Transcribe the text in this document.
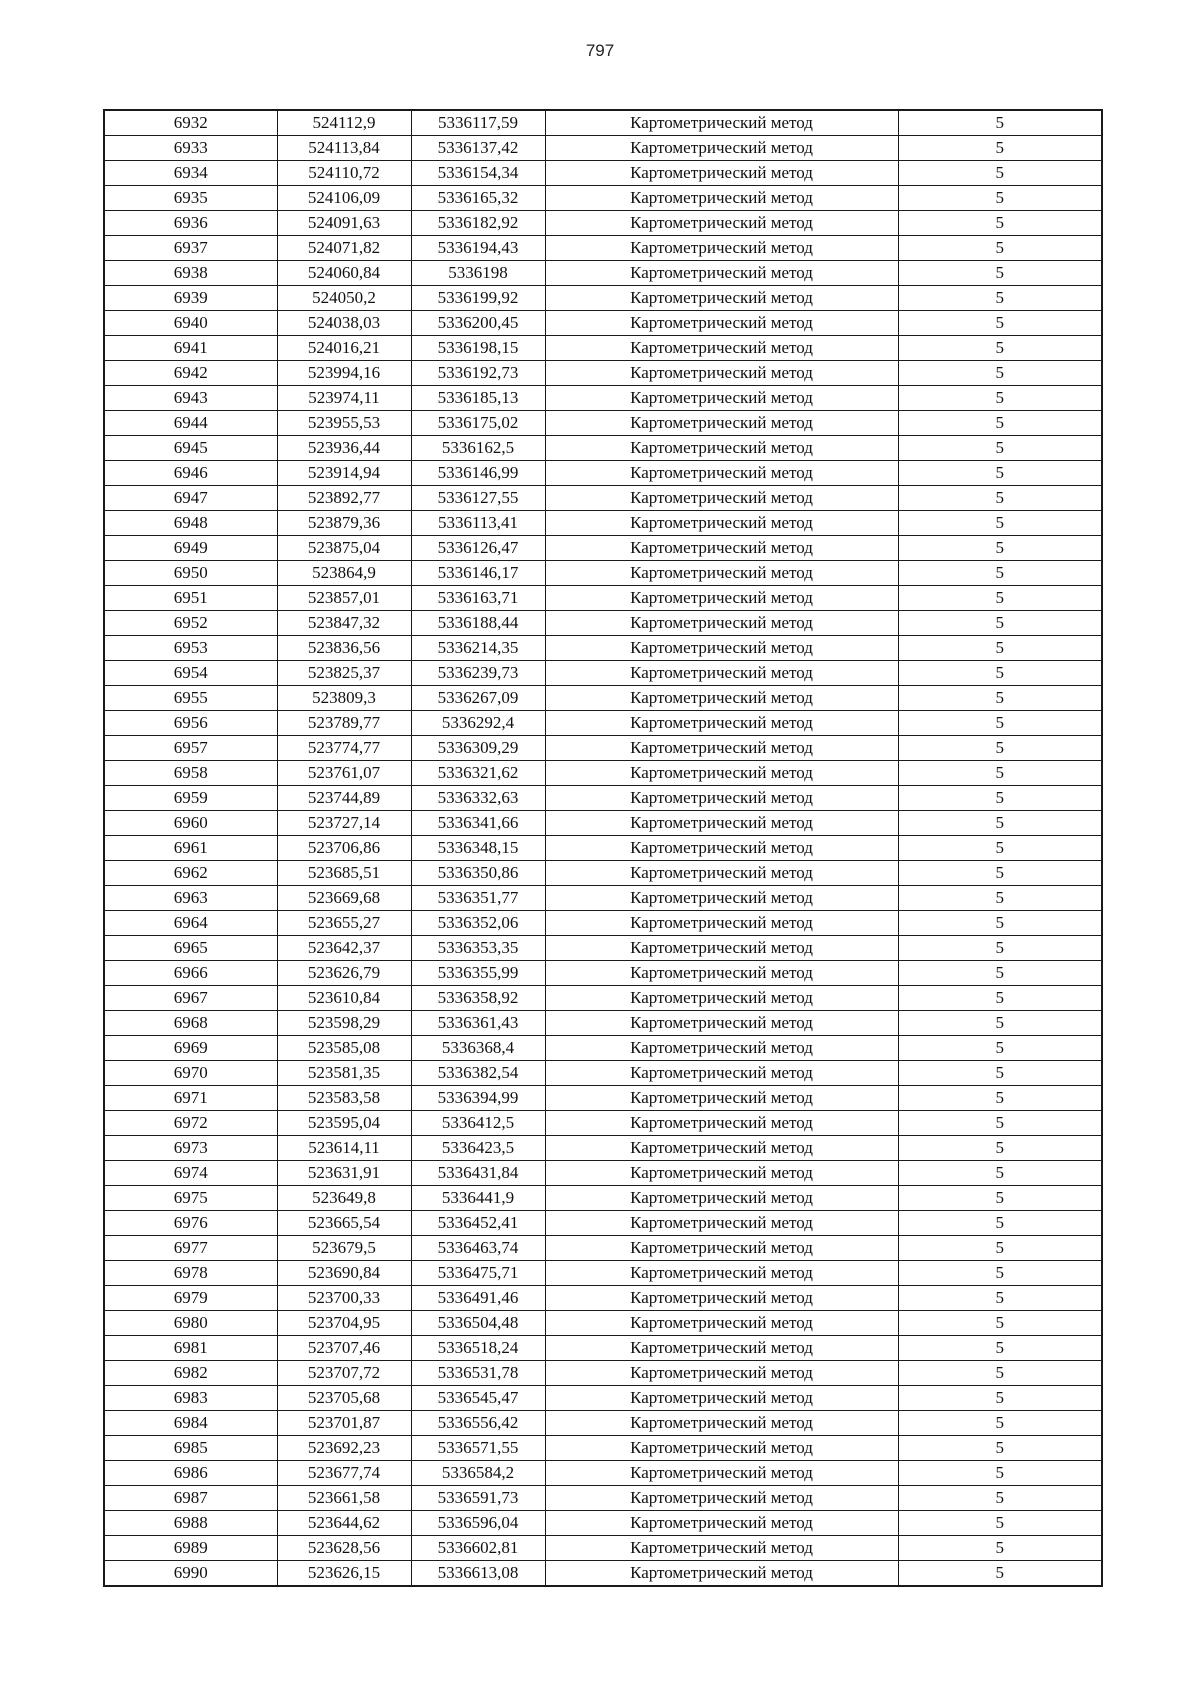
797
6932	524112,9	5336117,59	Картометрический метод	5
6933	524113,84	5336137,42	Картометрический метод	5
6934	524110,72	5336154,34	Картометрический метод	5
6935	524106,09	5336165,32	Картометрический метод	5
6936	524091,63	5336182,92	Картометрический метод	5
6937	524071,82	5336194,43	Картометрический метод	5
6938	524060,84	5336198	Картометрический метод	5
6939	524050,2	5336199,92	Картометрический метод	5
6940	524038,03	5336200,45	Картометрический метод	5
6941	524016,21	5336198,15	Картометрический метод	5
6942	523994,16	5336192,73	Картометрический метод	5
6943	523974,11	5336185,13	Картометрический метод	5
6944	523955,53	5336175,02	Картометрический метод	5
6945	523936,44	5336162,5	Картометрический метод	5
6946	523914,94	5336146,99	Картометрический метод	5
6947	523892,77	5336127,55	Картометрический метод	5
6948	523879,36	5336113,41	Картометрический метод	5
6949	523875,04	5336126,47	Картометрический метод	5
6950	523864,9	5336146,17	Картометрический метод	5
6951	523857,01	5336163,71	Картометрический метод	5
6952	523847,32	5336188,44	Картометрический метод	5
6953	523836,56	5336214,35	Картометрический метод	5
6954	523825,37	5336239,73	Картометрический метод	5
6955	523809,3	5336267,09	Картометрический метод	5
6956	523789,77	5336292,4	Картометрический метод	5
6957	523774,77	5336309,29	Картометрический метод	5
6958	523761,07	5336321,62	Картометрический метод	5
6959	523744,89	5336332,63	Картометрический метод	5
6960	523727,14	5336341,66	Картометрический метод	5
6961	523706,86	5336348,15	Картометрический метод	5
6962	523685,51	5336350,86	Картометрический метод	5
6963	523669,68	5336351,77	Картометрический метод	5
6964	523655,27	5336352,06	Картометрический метод	5
6965	523642,37	5336353,35	Картометрический метод	5
6966	523626,79	5336355,99	Картометрический метод	5
6967	523610,84	5336358,92	Картометрический метод	5
6968	523598,29	5336361,43	Картометрический метод	5
6969	523585,08	5336368,4	Картометрический метод	5
6970	523581,35	5336382,54	Картометрический метод	5
6971	523583,58	5336394,99	Картометрический метод	5
6972	523595,04	5336412,5	Картометрический метод	5
6973	523614,11	5336423,5	Картометрический метод	5
6974	523631,91	5336431,84	Картометрический метод	5
6975	523649,8	5336441,9	Картометрический метод	5
6976	523665,54	5336452,41	Картометрический метод	5
6977	523679,5	5336463,74	Картометрический метод	5
6978	523690,84	5336475,71	Картометрический метод	5
6979	523700,33	5336491,46	Картометрический метод	5
6980	523704,95	5336504,48	Картометрический метод	5
6981	523707,46	5336518,24	Картометрический метод	5
6982	523707,72	5336531,78	Картометрический метод	5
6983	523705,68	5336545,47	Картометрический метод	5
6984	523701,87	5336556,42	Картометрический метод	5
6985	523692,23	5336571,55	Картометрический метод	5
6986	523677,74	5336584,2	Картометрический метод	5
6987	523661,58	5336591,73	Картометрический метод	5
6988	523644,62	5336596,04	Картометрический метод	5
6989	523628,56	5336602,81	Картометрический метод	5
6990	523626,15	5336613,08	Картометрический метод	5
